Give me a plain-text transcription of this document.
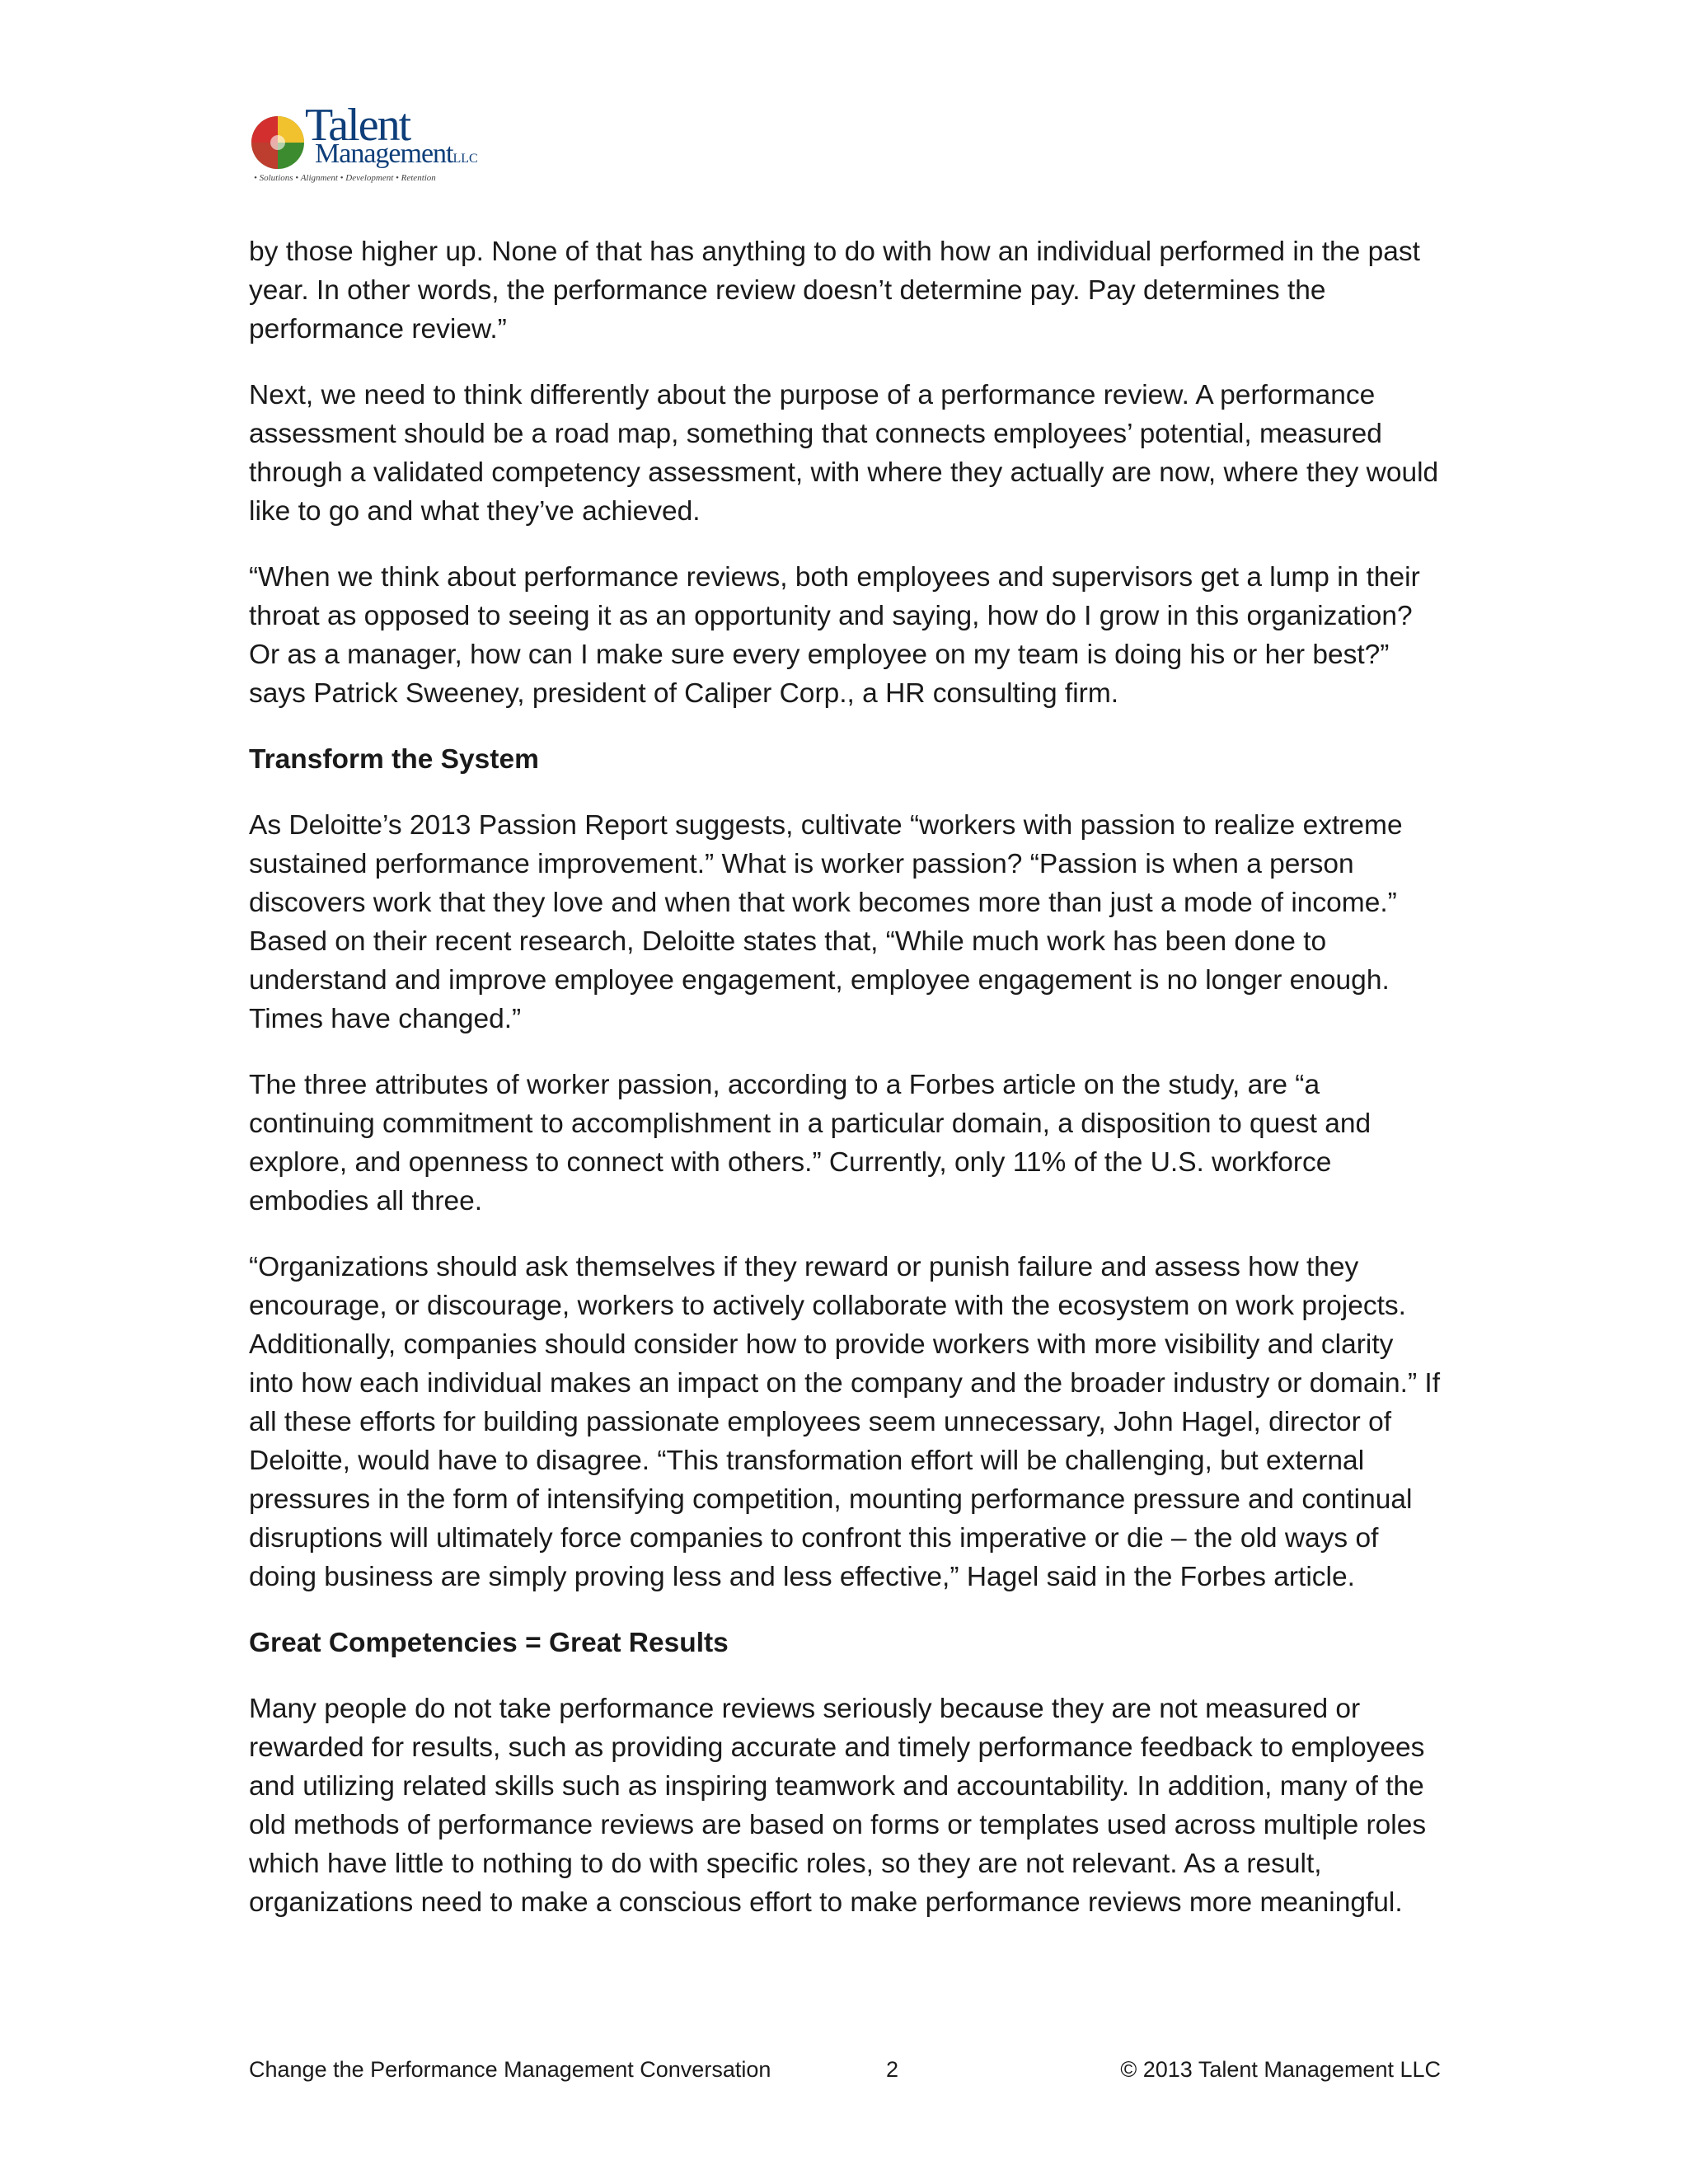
Talent
ManagementLLC
• Solutions • Alignment • Development • Retention

by those higher up. None of that has anything to do with how an individual performed in the past year. In other words, the performance review doesn’t determine pay. Pay determines the performance review.”

Next, we need to think differently about the purpose of a performance review. A performance assessment should be a road map, something that connects employees’ potential, measured through a validated competency assessment, with where they actually are now, where they would like to go and what they’ve achieved.

“When we think about performance reviews, both employees and supervisors get a lump in their throat as opposed to seeing it as an opportunity and saying, how do I grow in this organization? Or as a manager, how can I make sure every employee on my team is doing his or her best?” says Patrick Sweeney, president of Caliper Corp., a HR consulting firm.

Transform the System

As Deloitte’s 2013 Passion Report suggests, cultivate “workers with passion to realize extreme sustained performance improvement.” What is worker passion? “Passion is when a person discovers work that they love and when that work becomes more than just a mode of income.” Based on their recent research, Deloitte states that, “While much work has been done to understand and improve employee engagement, employee engagement is no longer enough. Times have changed.”

The three attributes of worker passion, according to a Forbes article on the study, are “a continuing commitment to accomplishment in a particular domain, a disposition to quest and explore, and openness to connect with others.” Currently, only 11% of the U.S. workforce embodies all three.

“Organizations should ask themselves if they reward or punish failure and assess how they encourage, or discourage, workers to actively collaborate with the ecosystem on work projects. Additionally, companies should consider how to provide workers with more visibility and clarity into how each individual makes an impact on the company and the broader industry or domain.” If all these efforts for building passionate employees seem unnecessary, John Hagel, director of Deloitte, would have to disagree. “This transformation effort will be challenging, but external pressures in the form of intensifying competition, mounting performance pressure and continual disruptions will ultimately force companies to confront this imperative or die – the old ways of doing business are simply proving less and less effective,” Hagel said in the Forbes article.

Great Competencies = Great Results

Many people do not take performance reviews seriously because they are not measured or rewarded for results, such as providing accurate and timely performance feedback to employees and utilizing related skills such as inspiring teamwork and accountability. In addition, many of the old methods of performance reviews are based on forms or templates used across multiple roles which have little to nothing to do with specific roles, so they are not relevant. As a result, organizations need to make a conscious effort to make performance reviews more meaningful.

Change the Performance Management Conversation	2	© 2013 Talent Management LLC
